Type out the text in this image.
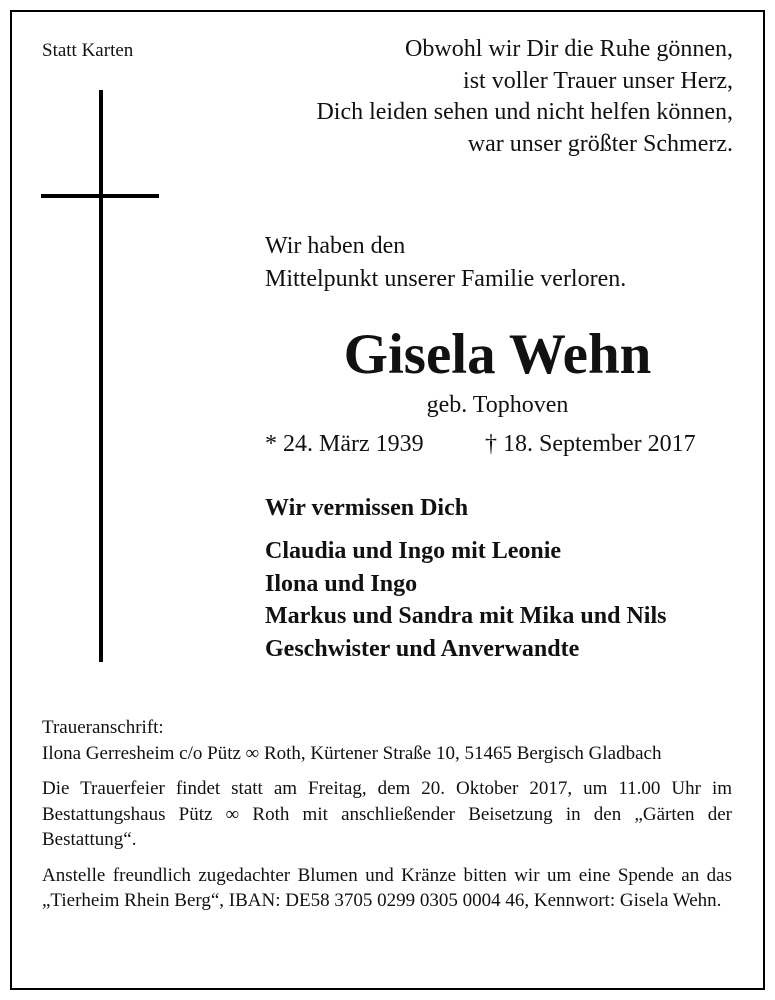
Statt Karten	Obwohl wir Dir die Ruhe gönnen,
ist voller Trauer unser Herz,
Dich leiden sehen und nicht helfen können,
war unser größter Schmerz.
Wir haben den
Mittelpunkt unserer Familie verloren.
Gisela Wehn
geb. Tophoven
* 24. März 1939	† 18. September 2017
Wir vermissen Dich
Claudia und Ingo mit Leonie
Ilona und Ingo
Markus und Sandra mit Mika und Nils
Geschwister und Anverwandte
Traueranschrift:
Ilona Gerresheim c/o Pütz ∞ Roth, Kürtener Straße 10, 51465 Bergisch Gladbach

Die Trauerfeier findet statt am Freitag, dem 20. Oktober 2017, um 11.00 Uhr im Bestattungshaus Pütz ∞ Roth mit anschließender Beisetzung in den „Gärten der Bestattung“.

Anstelle freundlich zugedachter Blumen und Kränze bitten wir um eine Spende an das „Tierheim Rhein Berg“, IBAN: DE58 3705 0299 0305 0004 46, Kennwort: Gisela Wehn.
